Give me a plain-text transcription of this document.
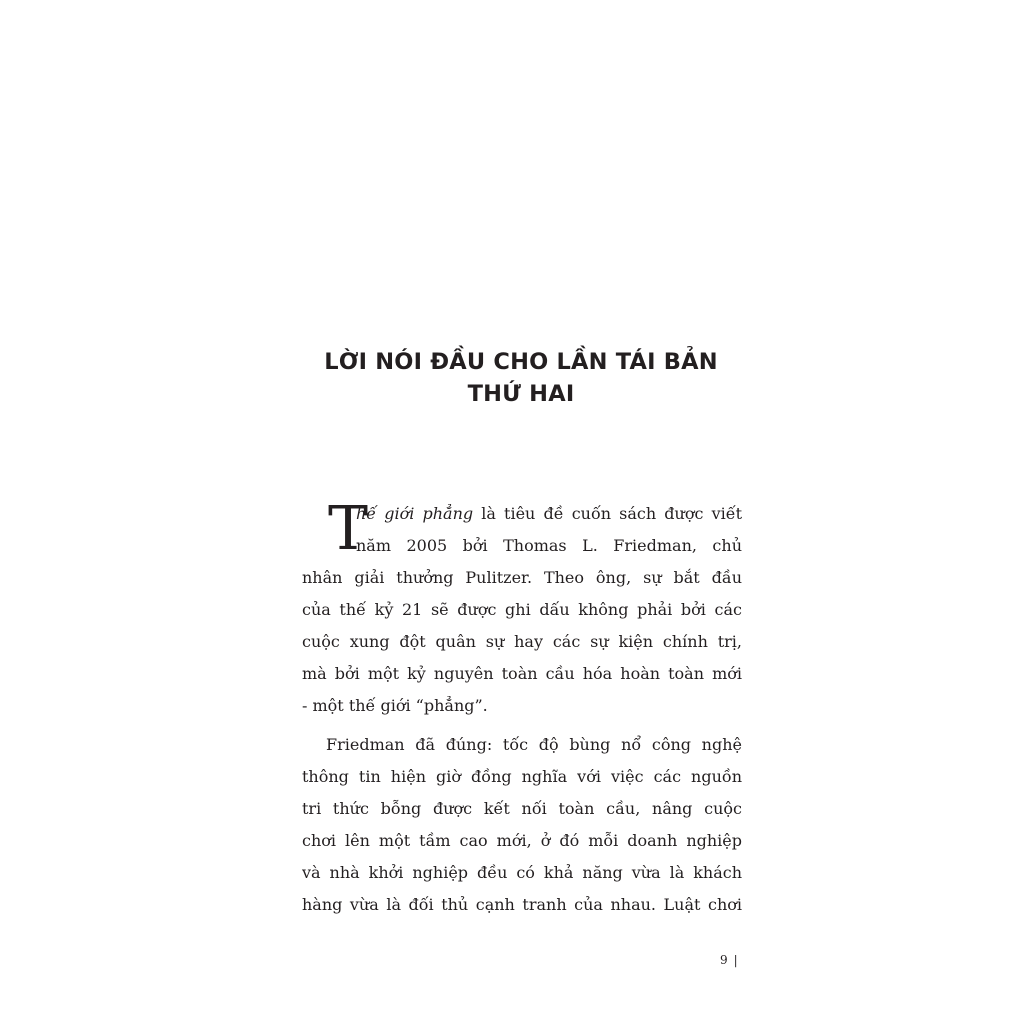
LỜI NÓI ĐẦU CHO LẦN TÁI BẢN
THỨ HAI
T
hế giới phẳng là tiêu đề cuốn sách được viết
năm 2005 bởi Thomas L. Friedman, chủ
nhân giải thưởng Pulitzer. Theo ông, sự bắt đầu
của thế kỷ 21 sẽ được ghi dấu không phải bởi các
cuộc xung đột quân sự hay các sự kiện chính trị,
mà bởi một kỷ nguyên toàn cầu hóa hoàn toàn mới
- một thế giới “phẳng”.
Friedman đã đúng: tốc độ bùng nổ công nghệ
thông tin hiện giờ đồng nghĩa với việc các nguồn
tri thức bỗng được kết nối toàn cầu, nâng cuộc
chơi lên một tầm cao mới, ở đó mỗi doanh nghiệp
và nhà khởi nghiệp đều có khả năng vừa là khách
hàng vừa là đối thủ cạnh tranh của nhau. Luật chơi
9 |
